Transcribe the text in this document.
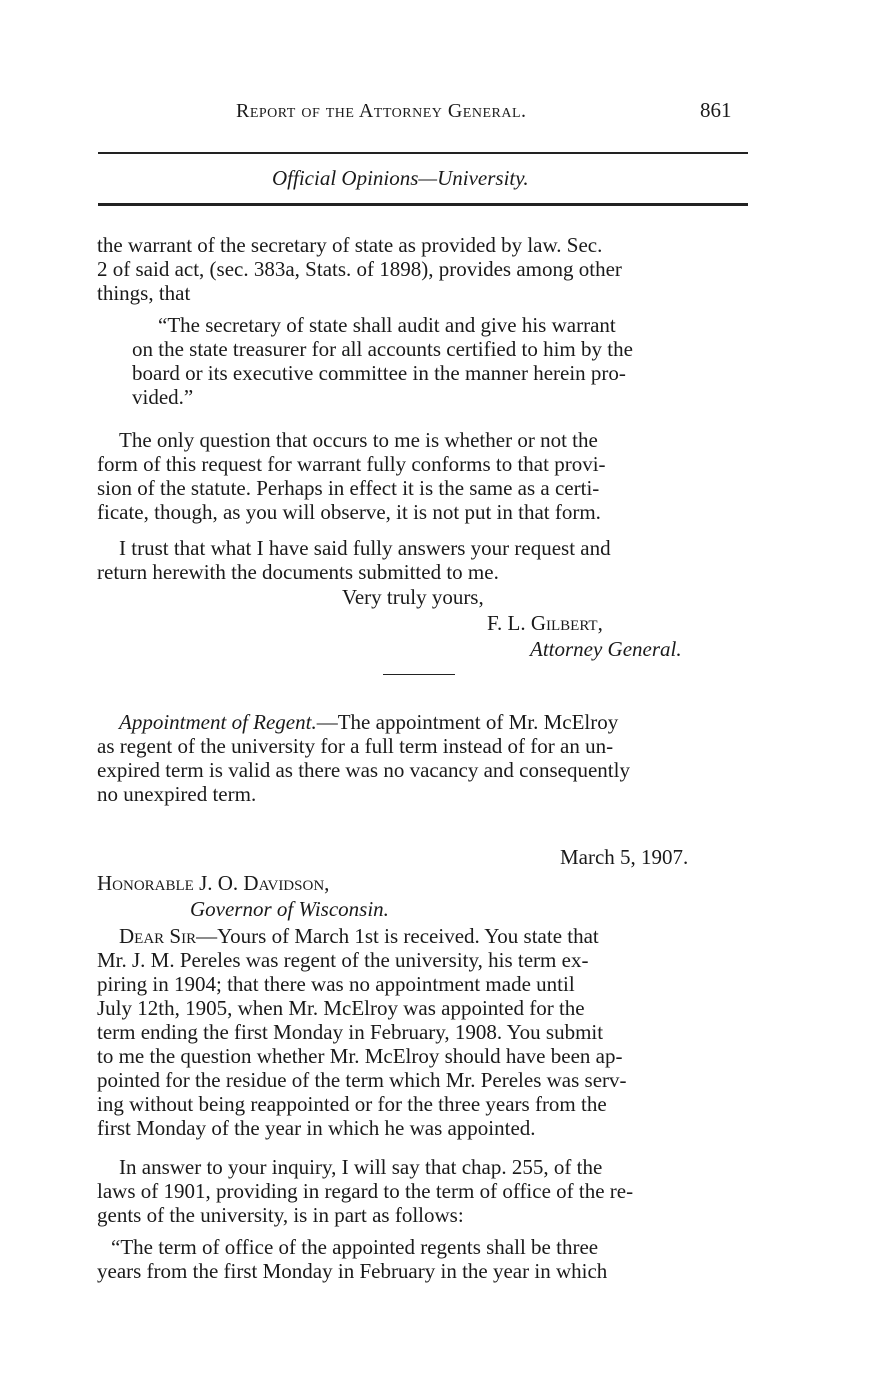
Report of the Attorney General.	861
Official Opinions—University.
the warrant of the secretary of state as provided by law. Sec.
2 of said act, (sec. 383a, Stats. of 1898), provides among other
things, that
“The secretary of state shall audit and give his warrant
on the state treasurer for all accounts certified to him by the
board or its executive committee in the manner herein pro-
vided.”
The only question that occurs to me is whether or not the
form of this request for warrant fully conforms to that provi-
sion of the statute. Perhaps in effect it is the same as a certi-
ficate, though, as you will observe, it is not put in that form.
I trust that what I have said fully answers your request and
return herewith the documents submitted to me.
Very truly yours,
F. L. Gilbert,
Attorney General.
Appointment of Regent.—The appointment of Mr. McElroy
as regent of the university for a full term instead of for an un-
expired term is valid as there was no vacancy and consequently
no unexpired term.
March 5, 1907.
Honorable J. O. Davidson,
Governor of Wisconsin.
Dear Sir—Yours of March 1st is received. You state that
Mr. J. M. Pereles was regent of the university, his term ex-
piring in 1904; that there was no appointment made until
July 12th, 1905, when Mr. McElroy was appointed for the
term ending the first Monday in February, 1908. You submit
to me the question whether Mr. McElroy should have been ap-
pointed for the residue of the term which Mr. Pereles was serv-
ing without being reappointed or for the three years from the
first Monday of the year in which he was appointed.
In answer to your inquiry, I will say that chap. 255, of the
laws of 1901, providing in regard to the term of office of the re-
gents of the university, is in part as follows:
“The term of office of the appointed regents shall be three
years from the first Monday in February in the year in which
